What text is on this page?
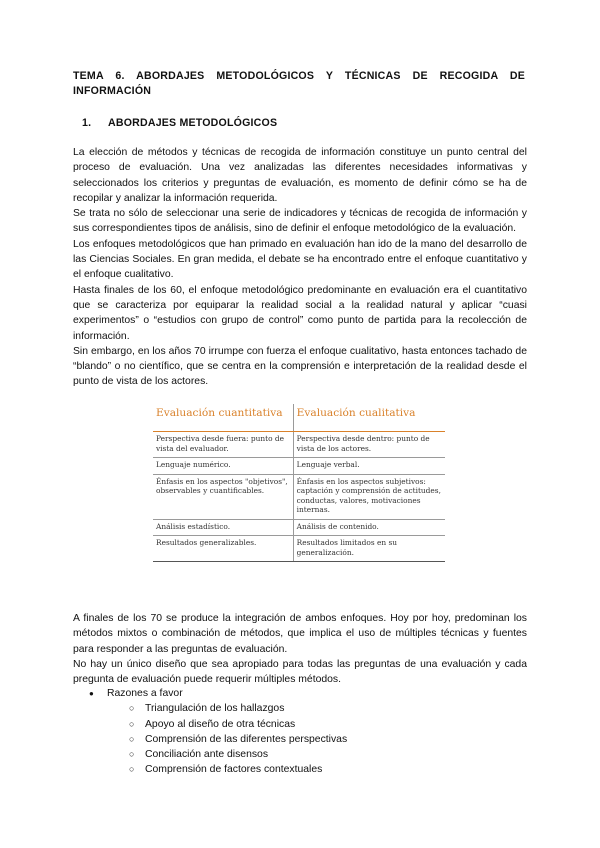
TEMA 6. ABORDAJES METODOLÓGICOS Y TÉCNICAS DE RECOGIDA DE INFORMACIÓN
1. ABORDAJES METODOLÓGICOS

La elección de métodos y técnicas de recogida de información constituye un punto central del proceso de evaluación. Una vez analizadas las diferentes necesidades informativas y seleccionados los criterios y preguntas de evaluación, es momento de definir cómo se ha de recopilar y analizar la información requerida.

Se trata no sólo de seleccionar una serie de indicadores y técnicas de recogida de información y sus correspondientes tipos de análisis, sino de definir el enfoque metodológico de la evaluación.

Los enfoques metodológicos que han primado en evaluación han ido de la mano del desarrollo de las Ciencias Sociales. En gran medida, el debate se ha encontrado entre el enfoque cuantitativo y el enfoque cualitativo.

Hasta finales de los 60, el enfoque metodológico predominante en evaluación era el cuantitativo que se caracteriza por equiparar la realidad social a la realidad natural y aplicar “cuasi experimentos” o “estudios con grupo de control” como punto de partida para la recolección de información.

Sin embargo, en los años 70 irrumpe con fuerza el enfoque cualitativo, hasta entonces tachado de “blando” o no científico, que se centra en la comprensión e interpretación de la realidad desde el punto de vista de los actores.

Evaluación cuantitativa	Evaluación cualitativa
Perspectiva desde fuera: punto de vista del evaluador.	Perspectiva desde dentro: punto de vista de los actores.
Lenguaje numérico.	Lenguaje verbal.
Énfasis en los aspectos "objetivos", observables y cuantificables.	Énfasis en los aspectos subjetivos: captación y comprensión de actitudes, conductas, valores, motivaciones internas.
Análisis estadístico.	Análisis de contenido.
Resultados generalizables.	Resultados limitados en su generalización.

A finales de los 70 se produce la integración de ambos enfoques. Hoy por hoy, predominan los métodos mixtos o combinación de métodos, que implica el uso de múltiples técnicas y fuentes para responder a las preguntas de evaluación.

No hay un único diseño que sea apropiado para todas las preguntas de una evaluación y cada pregunta de evaluación puede requerir múltiples métodos.

● Razones a favor
○ Triangulación de los hallazgos
○ Apoyo al diseño de otra técnicas
○ Comprensión de las diferentes perspectivas
○ Conciliación ante disensos
○ Comprensión de factores contextuales
